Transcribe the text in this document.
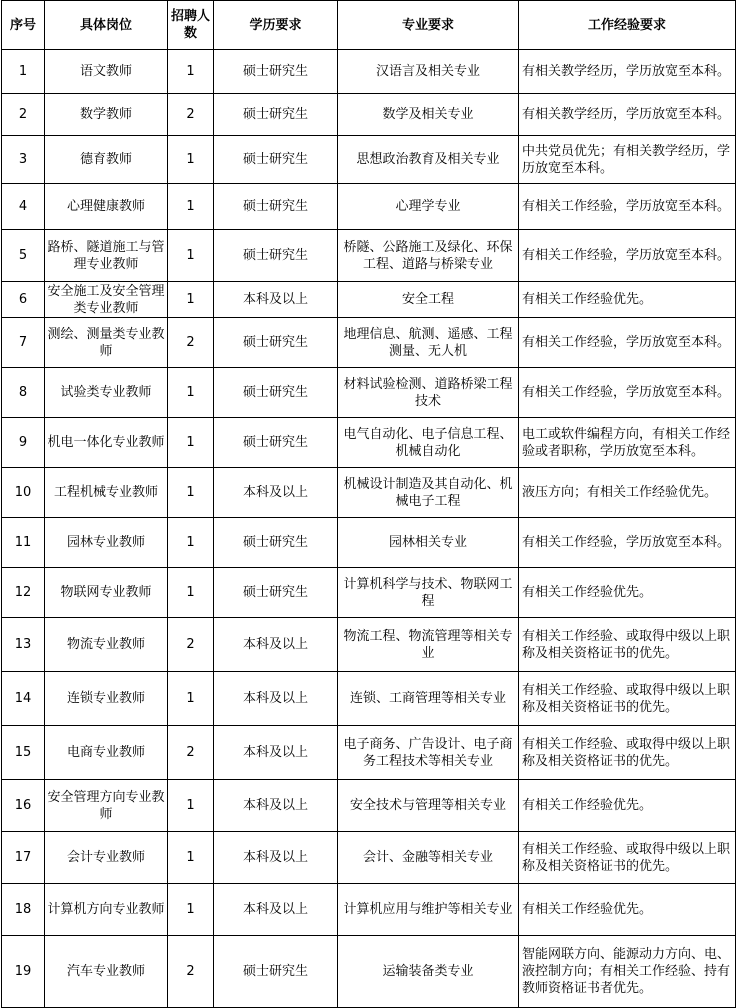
序号	具体岗位	招聘人数	学历要求	专业要求	工作经验要求
1	语文教师	1	硕士研究生	汉语言及相关专业	有相关教学经历，学历放宽至本科。
2	数学教师	2	硕士研究生	数学及相关专业	有相关教学经历，学历放宽至本科。
3	德育教师	1	硕士研究生	思想政治教育及相关专业	中共党员优先；有相关教学经历，学历放宽至本科。
4	心理健康教师	1	硕士研究生	心理学专业	有相关工作经验，学历放宽至本科。
5	路桥、隧道施工与管理专业教师	1	硕士研究生	桥隧、公路施工及绿化、环保工程、道路与桥梁专业	有相关工作经验，学历放宽至本科。
6	安全施工及安全管理类专业教师	1	本科及以上	安全工程	有相关工作经验优先。
7	测绘、测量类专业教师	2	硕士研究生	地理信息、航测、遥感、工程测量、无人机	有相关工作经验，学历放宽至本科。
8	试验类专业教师	1	硕士研究生	材料试验检测、道路桥梁工程技术	有相关工作经验，学历放宽至本科。
9	机电一体化专业教师	1	硕士研究生	电气自动化、电子信息工程、机械自动化	电工或软件编程方向，有相关工作经验或者职称，学历放宽至本科。
10	工程机械专业教师	1	本科及以上	机械设计制造及其自动化、机械电子工程	液压方向；有相关工作经验优先。
11	园林专业教师	1	硕士研究生	园林相关专业	有相关工作经验，学历放宽至本科。
12	物联网专业教师	1	硕士研究生	计算机科学与技术、物联网工程	有相关工作经验优先。
13	物流专业教师	2	本科及以上	物流工程、物流管理等相关专业	有相关工作经验、或取得中级以上职称及相关资格证书的优先。
14	连锁专业教师	1	本科及以上	连锁、工商管理等相关专业	有相关工作经验、或取得中级以上职称及相关资格证书的优先。
15	电商专业教师	2	本科及以上	电子商务、广告设计、电子商务工程技术等相关专业	有相关工作经验、或取得中级以上职称及相关资格证书的优先。
16	安全管理方向专业教师	1	本科及以上	安全技术与管理等相关专业	有相关工作经验优先。
17	会计专业教师	1	本科及以上	会计、金融等相关专业	有相关工作经验、或取得中级以上职称及相关资格证书的优先。
18	计算机方向专业教师	1	本科及以上	计算机应用与维护等相关专业	有相关工作经验优先。
19	汽车专业教师	2	硕士研究生	运输装备类专业	智能网联方向、能源动力方向、电、液控制方向；有相关工作经验、持有教师资格证书者优先。
